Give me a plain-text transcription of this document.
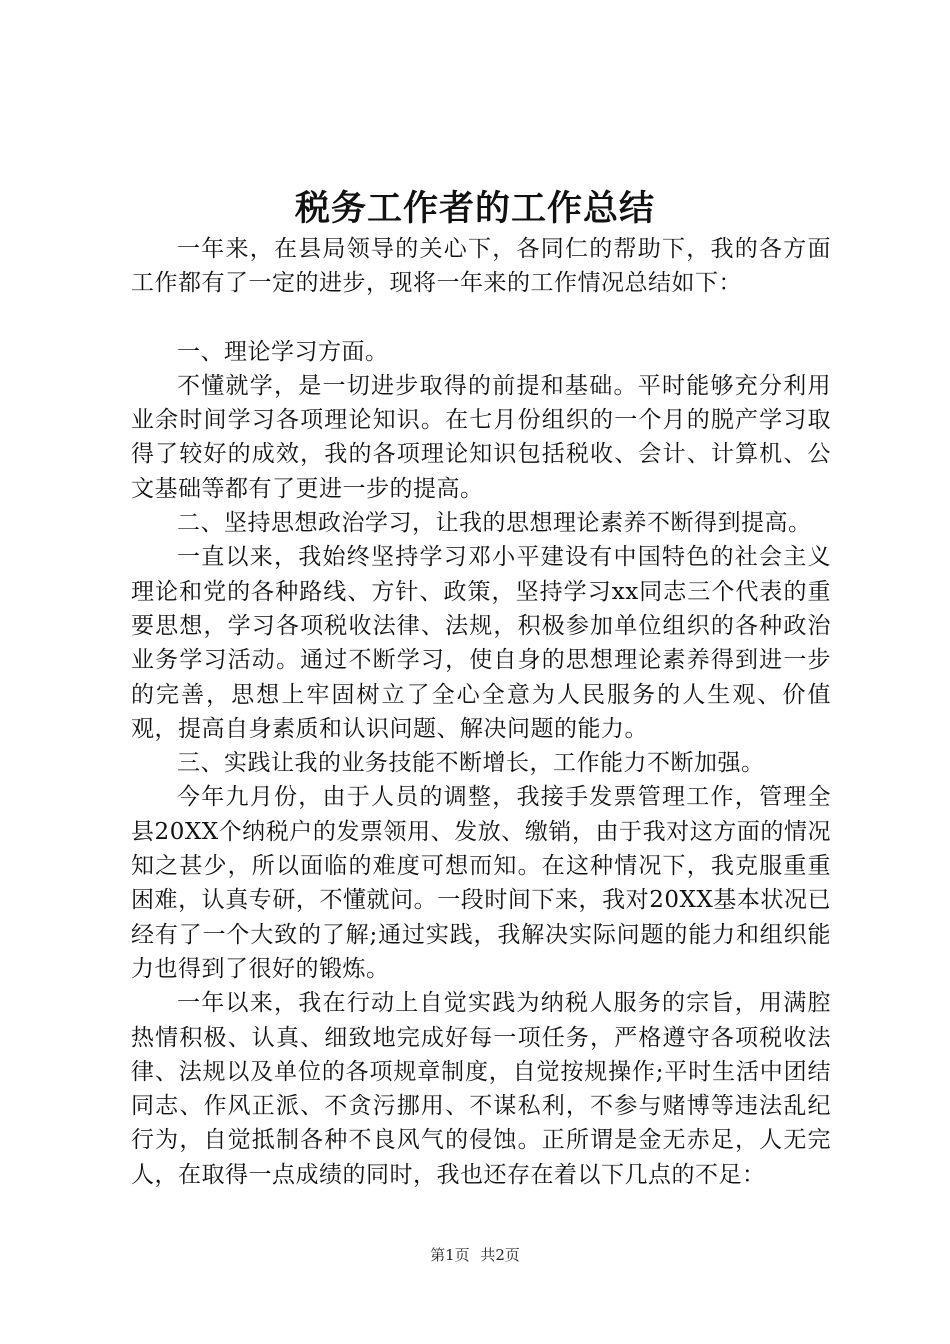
税务工作者的工作总结

一年来，在县局领导的关心下，各同仁的帮助下，我的各方面工作都有了一定的进步，现将一年来的工作情况总结如下：

一、理论学习方面。

不懂就学，是一切进步取得的前提和基础。平时能够充分利用业余时间学习各项理论知识。在七月份组织的一个月的脱产学习取得了较好的成效，我的各项理论知识包括税收、会计、计算机、公文基础等都有了更进一步的提高。

二、坚持思想政治学习，让我的思想理论素养不断得到提高。

一直以来，我始终坚持学习邓小平建设有中国特色的社会主义理论和党的各种路线、方针、政策，坚持学习xx同志三个代表的重要思想，学习各项税收法律、法规，积极参加单位组织的各种政治业务学习活动。通过不断学习，使自身的思想理论素养得到进一步的完善，思想上牢固树立了全心全意为人民服务的人生观、价值观，提高自身素质和认识问题、解决问题的能力。

三、实践让我的业务技能不断增长，工作能力不断加强。

今年九月份，由于人员的调整，我接手发票管理工作，管理全县20XX个纳税户的发票领用、发放、缴销，由于我对这方面的情况知之甚少，所以面临的难度可想而知。在这种情况下，我克服重重困难，认真专研，不懂就问。一段时间下来，我对20XX基本状况已经有了一个大致的了解;通过实践，我解决实际问题的能力和组织能力也得到了很好的锻炼。

一年以来，我在行动上自觉实践为纳税人服务的宗旨，用满腔热情积极、认真、细致地完成好每一项任务，严格遵守各项税收法律、法规以及单位的各项规章制度，自觉按规操作;平时生活中团结同志、作风正派、不贪污挪用、不谋私利，不参与赌博等违法乱纪行为，自觉抵制各种不良风气的侵蚀。正所谓是金无赤足，人无完人，在取得一点成绩的同时，我也还存在着以下几点的不足：

第1页 共2页
